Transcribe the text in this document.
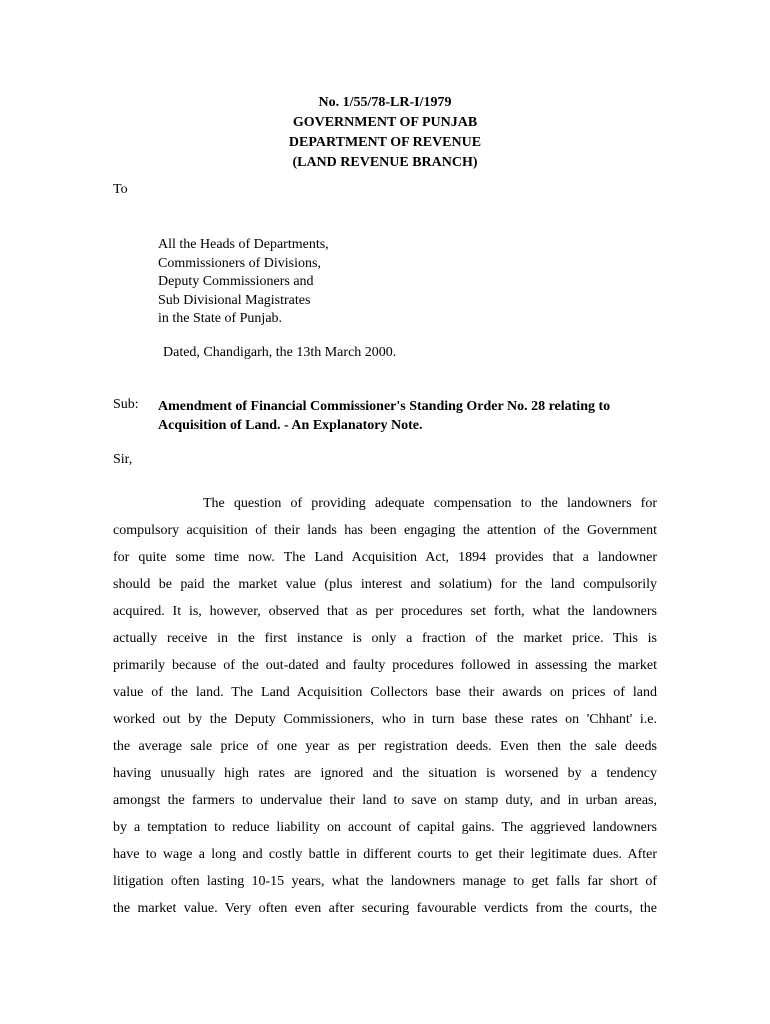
No. 1/55/78-LR-I/1979
GOVERNMENT OF PUNJAB
DEPARTMENT OF REVENUE
(LAND REVENUE BRANCH)
To
All the Heads of Departments,
Commissioners of Divisions,
Deputy Commissioners and
Sub Divisional Magistrates
in the State of Punjab.
Dated, Chandigarh, the 13th March 2000.
Sub: Amendment of Financial Commissioner's Standing Order No. 28 relating to
Acquisition of Land. - An Explanatory Note.
Sir,
The question of providing adequate compensation to the landowners for
compulsory acquisition of their lands has been engaging the attention of the Government
for quite some time now. The Land Acquisition Act, 1894 provides that a landowner
should be paid the market value (plus interest and solatium) for the land compulsorily
acquired. It is, however, observed that as per procedures set forth, what the landowners
actually receive in the first instance is only a fraction of the market price. This is
primarily because of the out-dated and faulty procedures followed in assessing the market
value of the land. The Land Acquisition Collectors base their awards on prices of land
worked out by the Deputy Commissioners, who in turn base these rates on 'Chhant' i.e.
the average sale price of one year as per registration deeds. Even then the sale deeds
having unusually high rates are ignored and the situation is worsened by a tendency
amongst the farmers to undervalue their land to save on stamp duty, and in urban areas,
by a temptation to reduce liability on account of capital gains. The aggrieved landowners
have to wage a long and costly battle in different courts to get their legitimate dues. After
litigation often lasting 10-15 years, what the landowners manage to get falls far short of
the market value. Very often even after securing favourable verdicts from the courts, the
